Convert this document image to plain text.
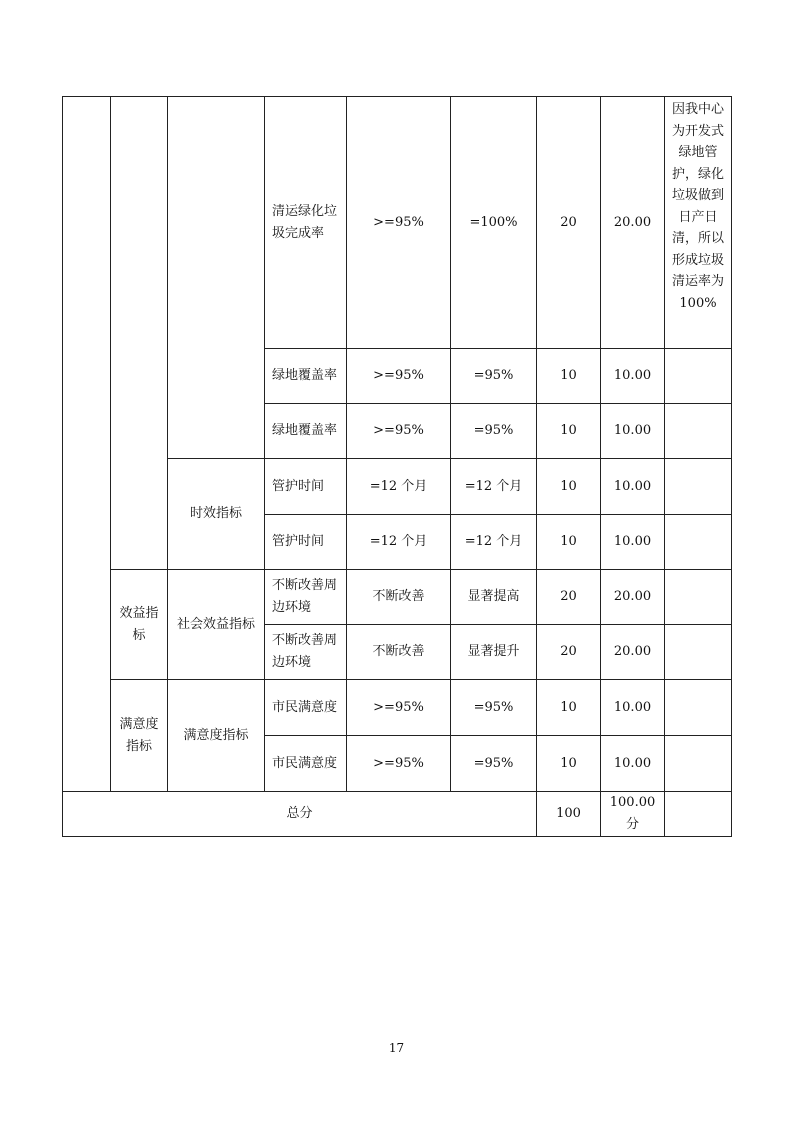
			清运绿化垃圾完成率	>=95%	=100%	20	20.00	因我中心为开发式绿地管护，绿化垃圾做到日产日清，所以形成垃圾清运率为100%
			绿地覆盖率	>=95%	=95%	10	10.00	
			绿地覆盖率	>=95%	=95%	10	10.00	
		时效指标	管护时间	=12 个月	=12 个月	10	10.00	
			管护时间	=12 个月	=12 个月	10	10.00	
	效益指标	社会效益指标	不断改善周边环境	不断改善	显著提高	20	20.00	
			不断改善周边环境	不断改善	显著提升	20	20.00	
	满意度指标	满意度指标	市民满意度	>=95%	=95%	10	10.00	
			市民满意度	>=95%	=95%	10	10.00	
总分						100	100.00分	
17
